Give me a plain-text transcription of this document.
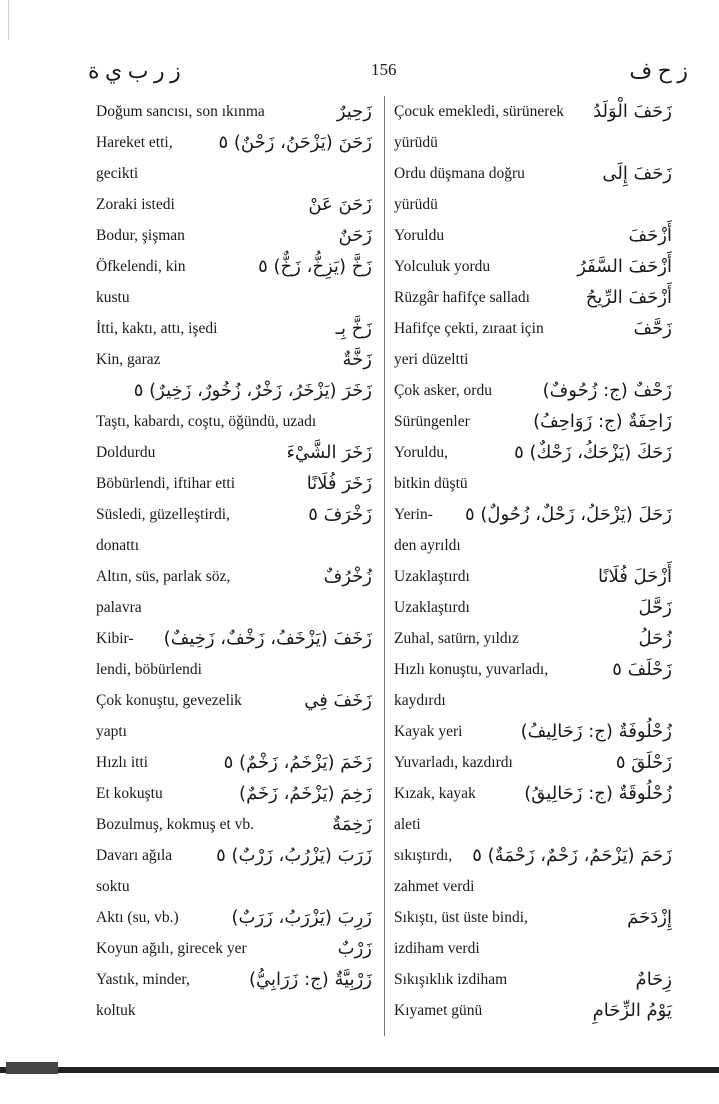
ز ر ب ي ة	156	ز ح ف
Doğum sancısı, son ıkınma	زَحِيرٌ
Hareket etti,	زَحَنَ (يَزْحَنُ، زَحْنٌ) ٥
gecikti
Zoraki istedi	زَحَنَ عَنْ
Bodur, şişman	زَحَنٌ
Öfkelendi, kin	زَخَّ (يَزِخُّ، زَخٌّ) ٥
kustu
İtti, kaktı, attı, işedi	زَخَّ بِـ
Kin, garaz	زَخَّةٌ
زَخَرَ (يَزْخَرُ، زَخْرٌ، زُخُورٌ، زَخِيرٌ) ٥
Taştı, kabardı, coştu, öğündü, uzadı
Doldurdu	زَخَرَ الشَّيْءَ
Böbürlendi, iftihar etti	زَخَرَ فُلَانًا
Süsledi, güzelleştirdi,	زَخْرَفَ ٥
donattı
Altın, süs, parlak söz,	زُخْرُفٌ
palavra
Kibir- زَخَفَ (يَزْخَفُ، زَخْفٌ، زَخِيفٌ)
lendi, böbürlendi
Çok konuştu, gevezelik	زَخَفَ فِي
yaptı
Hızlı itti	زَخَمَ (يَزْخَمُ، زَخْمٌ) ٥
Et kokuştu	زَخِمَ (يَزْخَمُ، زَخَمٌ)
Bozulmuş, kokmuş et vb.	زَخِمَةٌ
Davarı ağıla زَرَبَ (يَزْرُبُ، زَرْبٌ) ٥
soktu
Aktı (su, vb.)	زَرِبَ (يَزْرَبُ، زَرَبٌ)
Koyun ağılı, girecek yer	زَرْبٌ
Yastık, minder,	زَرْبِيَّةٌ (ج: زَرَابِيُّ)
koltuk
Çocuk emekledi, sürünerek زَحَفَ الْوَلَدُ
yürüdü
Ordu düşmana doğru	زَحَفَ إِلَى
yürüdü
Yoruldu	أَزْحَفَ
Yolculuk yordu	أَزْحَفَ السَّفَرُ
Rüzgâr hafifçe salladı	أَزْحَفَ الرِّيحُ
Hafifçe çekti, zıraat için	زَحَّفَ
yeri düzeltti
Çok asker, ordu	زَحْفٌ (ج: زُحُوفٌ)
Sürüngenler	زَاحِفَةٌ (ج: زَوَاحِفُ)
Yoruldu,	زَحَكَ (يَزْحَكُ، زَحْكٌ) ٥
bitkin düştü
Yerin- زَحَلَ (يَزْحَلُ، زَحْلٌ، زُحُولٌ) ٥
den ayrıldı
Uzaklaştırdı	أَزْحَلَ فُلَانًا
Uzaklaştırdı	زَحَّلَ
Zuhal, satürn, yıldız	زُحَلُ
Hızlı konuştu, yuvarladı,	زَحْلَفَ ٥
kaydırdı
Kayak yeri	زُحْلُوفَةٌ (ج: زَحَالِيفُ)
Yuvarladı, kazdırdı	زَحْلَقَ ٥
Kızak, kayak	زُحْلُوقَةٌ (ج: زَحَالِيقُ)
aleti
sıkıştırdı, زَحَمَ (يَزْحَمُ، زَحْمٌ، زَحْمَةٌ) ٥
zahmet verdi
Sıkıştı, üst üste bindi,	إِزْدَحَمَ
izdiham verdi
Sıkışıklık izdiham	زِحَامٌ
Kıyamet günü	يَوْمُ الزِّحَامِ
